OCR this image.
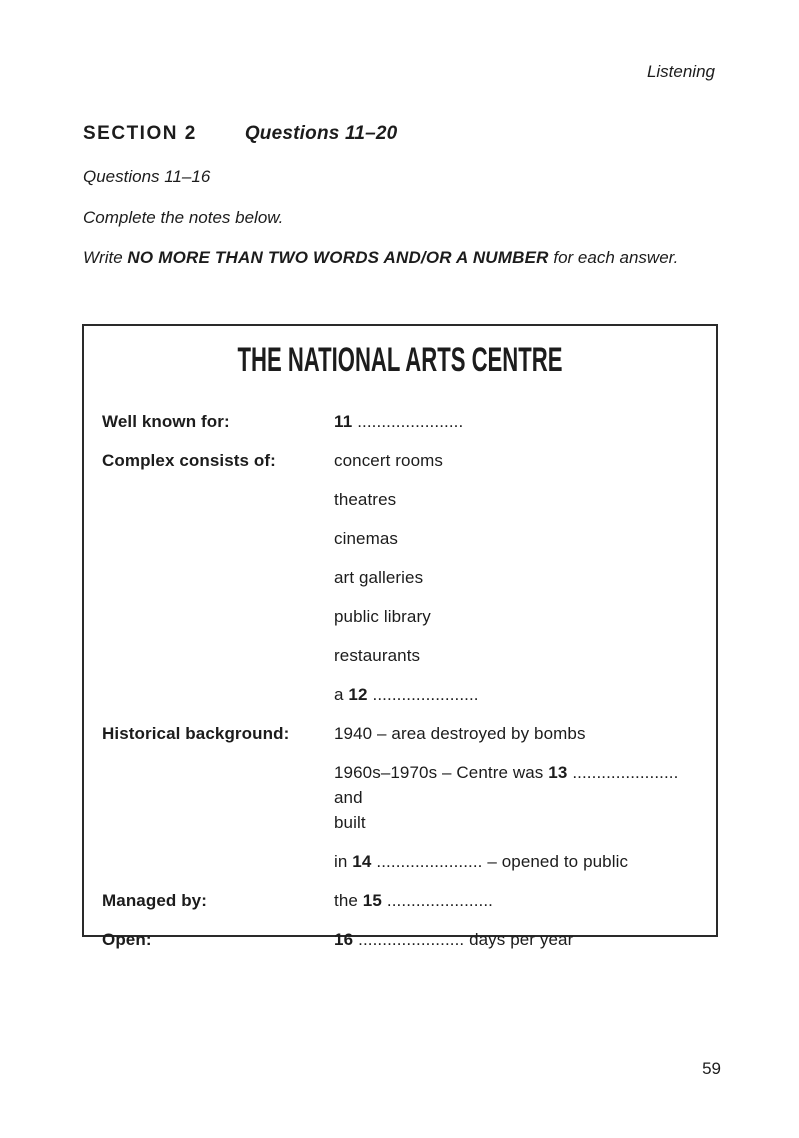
Listening
SECTION 2	Questions 11–20
Questions 11–16
Complete the notes below.
Write NO MORE THAN TWO WORDS AND/OR A NUMBER for each answer.
THE NATIONAL ARTS CENTRE
Well known for:	11 ......................
Complex consists of:	concert rooms
theatres
cinemas
art galleries
public library
restaurants
a 12 ......................
Historical background:	1940 – area destroyed by bombs
1960s–1970s – Centre was 13 ...................... and
built
in 14 ...................... – opened to public
Managed by:	the 15 ......................
Open:	16 ...................... days per year
59
